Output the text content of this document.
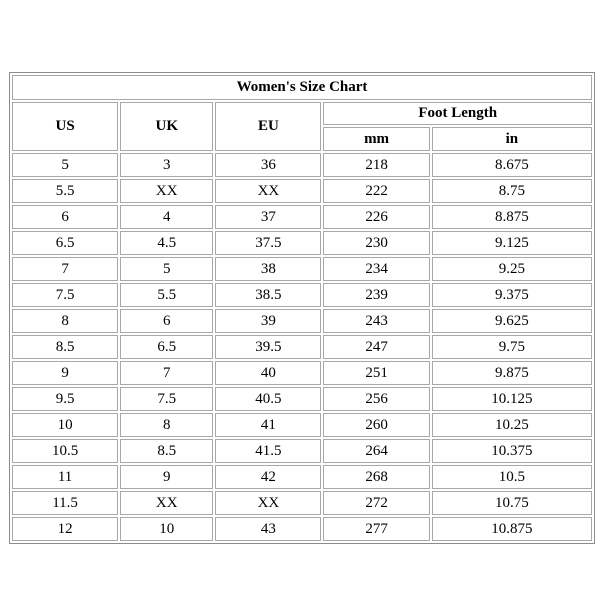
Women's Size Chart				
US	UK	EU	Foot Length	
			mm	in
5	3	36	218	8.675
5.5	XX	XX	222	8.75
6	4	37	226	8.875
6.5	4.5	37.5	230	9.125
7	5	38	234	9.25
7.5	5.5	38.5	239	9.375
8	6	39	243	9.625
8.5	6.5	39.5	247	9.75
9	7	40	251	9.875
9.5	7.5	40.5	256	10.125
10	8	41	260	10.25
10.5	8.5	41.5	264	10.375
11	9	42	268	10.5
11.5	XX	XX	272	10.75
12	10	43	277	10.875
